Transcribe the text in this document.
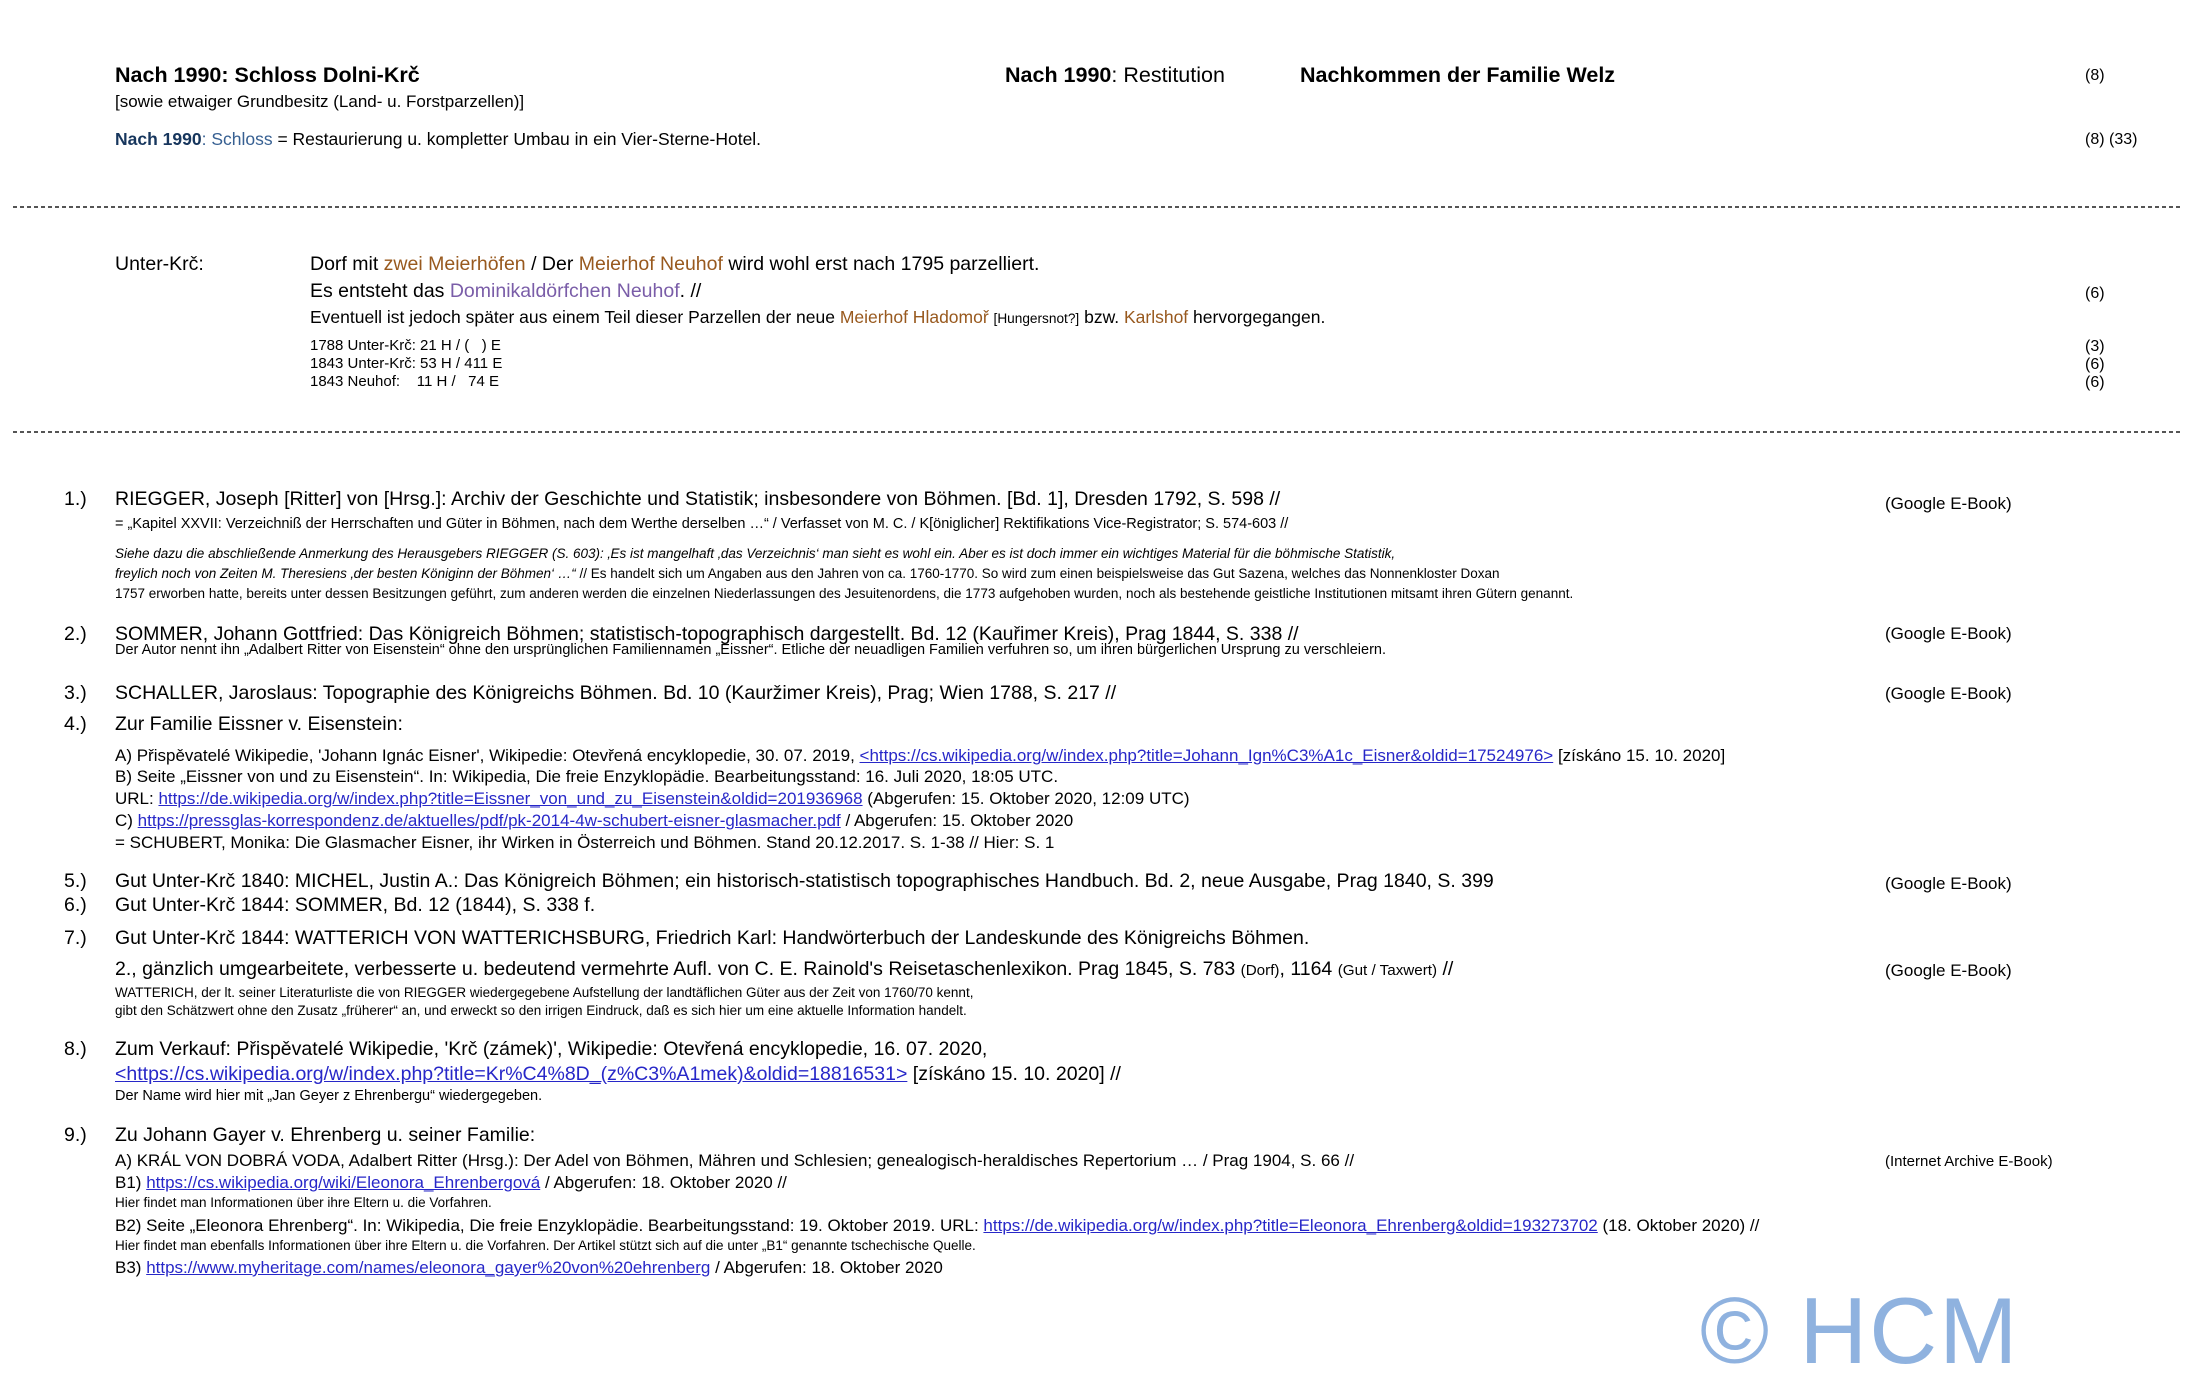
Nach 1990: Schloss Dolni-Krč
[sowie etwaiger Grundbesitz (Land- u. Forstparzellen)]
Nach 1990: Restitution	Nachkommen der Familie Welz	(8)
Nach 1990: Schloss = Restaurierung u. kompletter Umbau in ein Vier-Sterne-Hotel.	(8) (33)
Unter-Krč:	Dorf mit zwei Meierhöfen / Der Meierhof Neuhof wird wohl erst nach 1795 parzelliert.
Es entsteht das Dominikaldörfchen Neuhof. //	(6)
Eventuell ist jedoch später aus einem Teil dieser Parzellen der neue Meierhof Hladomoř [Hungersnot?] bzw. Karlshof hervorgegangen.
1788 Unter-Krč: 21 H / (   ) E	(3)
1843 Unter-Krč: 53 H / 411 E	(6)
1843 Neuhof:    11 H /   74 E	(6)
1.) RIEGGER, Joseph [Ritter] von [Hrsg.]: Archiv der Geschichte und Statistik; insbesondere von Böhmen. [Bd. 1], Dresden 1792, S. 598 //	(Google E-Book)
= „Kapitel XXVII: Verzeichniß der Herrschaften und Güter in Böhmen, nach dem Werthe derselben …“ / Verfasset von M. C. / K[öniglicher] Rektifikations Vice-Registrator; S. 574-603 //
Siehe dazu die abschließende Anmerkung des Herausgebers RIEGGER (S. 603): ‚Es ist mangelhaft ‚das Verzeichnis‘ man sieht es wohl ein. Aber es ist doch immer ein wichtiges Material für die böhmische Statistik,
freylich noch von Zeiten M. Theresiens ‚der besten Königinn der Böhmen‘ …“ // Es handelt sich um Angaben aus den Jahren von ca. 1760-1770. So wird zum einen beispielsweise das Gut Sazena, welches das Nonnenkloster Doxan
1757 erworben hatte, bereits unter dessen Besitzungen geführt, zum anderen werden die einzelnen Niederlassungen des Jesuitenordens, die 1773 aufgehoben wurden, noch als bestehende geistliche Institutionen mitsamt ihren Gütern genannt.
2.) SOMMER, Johann Gottfried: Das Königreich Böhmen; statistisch-topographisch dargestellt. Bd. 12 (Kauřimer Kreis), Prag 1844, S. 338 //	(Google E-Book)
Der Autor nennt ihn „Adalbert Ritter von Eisenstein“ ohne den ursprünglichen Familiennamen „Eissner“. Etliche der neuadligen Familien verfuhren so, um ihren bürgerlichen Ursprung zu verschleiern.
3.) SCHALLER, Jaroslaus: Topographie des Königreichs Böhmen. Bd. 10 (Kauržimer Kreis), Prag; Wien 1788, S. 217 //	(Google E-Book)
4.) Zur Familie Eissner v. Eisenstein:
A) Přispěvatelé Wikipedie, 'Johann Ignác Eisner', Wikipedie: Otevřená encyklopedie, 30. 07. 2019, <https://cs.wikipedia.org/w/index.php?title=Johann_Ign%C3%A1c_Eisner&oldid=17524976> [získáno 15. 10. 2020]
B) Seite „Eissner von und zu Eisenstein“. In: Wikipedia, Die freie Enzyklopädie. Bearbeitungsstand: 16. Juli 2020, 18:05 UTC.
URL: https://de.wikipedia.org/w/index.php?title=Eissner_von_und_zu_Eisenstein&oldid=201936968 (Abgerufen: 15. Oktober 2020, 12:09 UTC)
C) https://pressglas-korrespondenz.de/aktuelles/pdf/pk-2014-4w-schubert-eisner-glasmacher.pdf / Abgerufen: 15. Oktober 2020
= SCHUBERT, Monika: Die Glasmacher Eisner, ihr Wirken in Österreich und Böhmen. Stand 20.12.2017. S. 1-38 // Hier: S. 1
5.) Gut Unter-Krč 1840: MICHEL, Justin A.: Das Königreich Böhmen; ein historisch-statistisch topographisches Handbuch. Bd. 2, neue Ausgabe, Prag 1840, S. 399	(Google E-Book)
6.) Gut Unter-Krč 1844: SOMMER, Bd. 12 (1844), S. 338 f.
7.) Gut Unter-Krč 1844: WATTERICH VON WATTERICHSBURG, Friedrich Karl: Handwörterbuch der Landeskunde des Königreichs Böhmen.
2., gänzlich umgearbeitete, verbesserte u. bedeutend vermehrte Aufl. von C. E. Rainold's Reisetaschenlexikon. Prag 1845, S. 783 (Dorf), 1164 (Gut / Taxwert) //	(Google E-Book)
WATTERICH, der lt. seiner Literaturliste die von RIEGGER wiedergegebene Aufstellung der landtäflichen Güter aus der Zeit von 1760/70 kennt,
gibt den Schätzwert ohne den Zusatz „früherer“ an, und erweckt so den irrigen Eindruck, daß es sich hier um eine aktuelle Information handelt.
8.) Zum Verkauf: Přispěvatelé Wikipedie, 'Krč (zámek)', Wikipedie: Otevřená encyklopedie, 16. 07. 2020,
<https://cs.wikipedia.org/w/index.php?title=Kr%C4%8D_(z%C3%A1mek)&oldid=18816531> [získáno 15. 10. 2020] //
Der Name wird hier mit „Jan Geyer z Ehrenbergu“ wiedergegeben.
9.) Zu Johann Gayer v. Ehrenberg u. seiner Familie:
A) KRÁL VON DOBRÁ VODA, Adalbert Ritter (Hrsg.): Der Adel von Böhmen, Mähren und Schlesien; genealogisch-heraldisches Repertorium … / Prag 1904, S. 66 //	(Internet Archive E-Book)
B1) https://cs.wikipedia.org/wiki/Eleonora_Ehrenbergová / Abgerufen: 18. Oktober 2020 //
Hier findet man Informationen über ihre Eltern u. die Vorfahren.
B2) Seite „Eleonora Ehrenberg“. In: Wikipedia, Die freie Enzyklopädie. Bearbeitungsstand: 19. Oktober 2019. URL: https://de.wikipedia.org/w/index.php?title=Eleonora_Ehrenberg&oldid=193273702 (18. Oktober 2020) //
Hier findet man ebenfalls Informationen über ihre Eltern u. die Vorfahren. Der Artikel stützt sich auf die unter „B1“ genannte tschechische Quelle.
B3) https://www.myheritage.com/names/eleonora_gayer%20von%20ehrenberg / Abgerufen: 18. Oktober 2020
© HCM
